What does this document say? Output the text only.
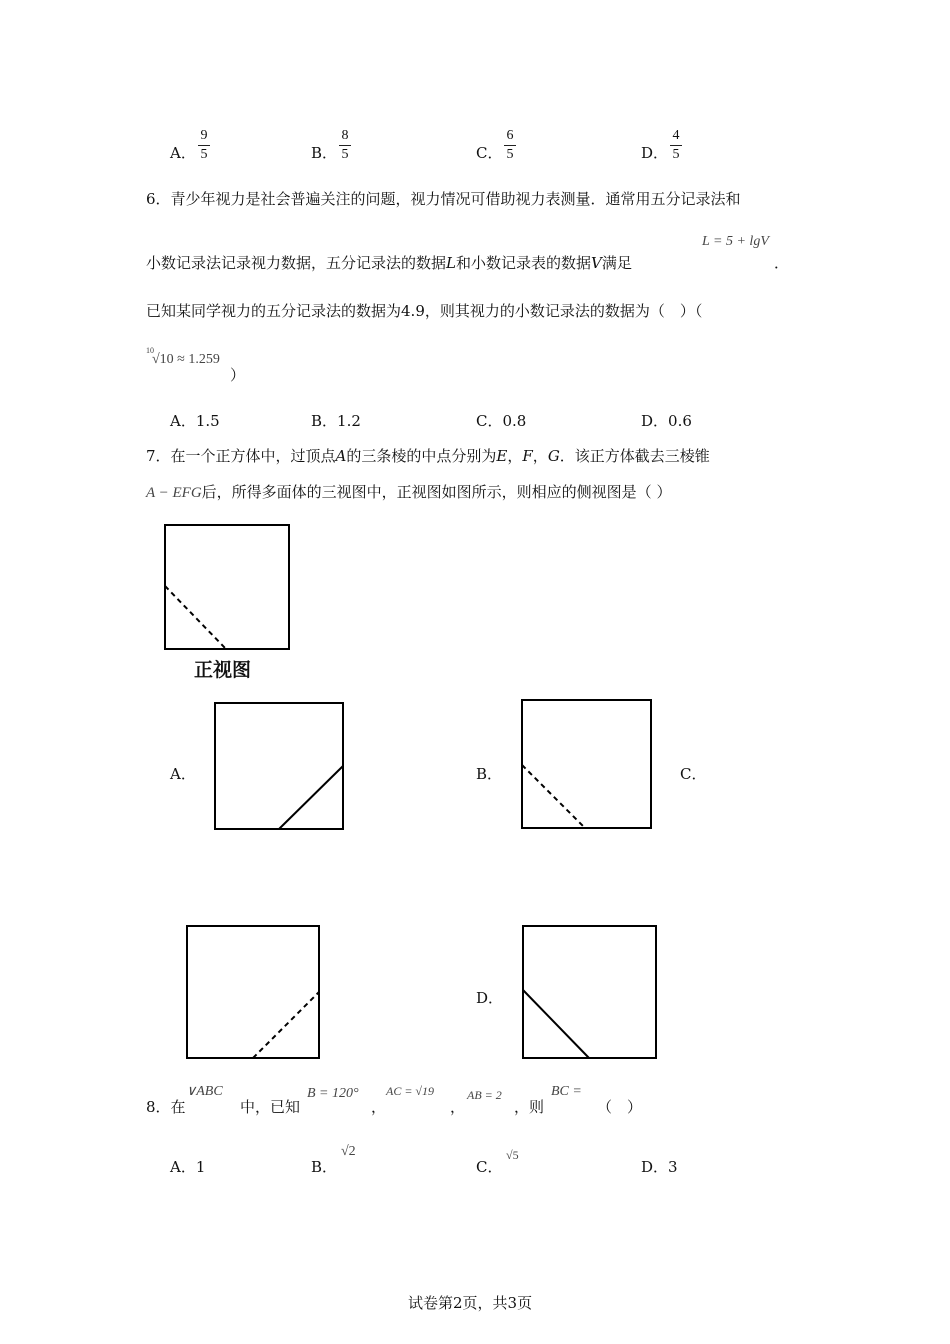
A．
9
5	B．
8
5	C．
6
5	D．
4
5
6．青少年视力是社会普遍关注的问题，视力情况可借助视力表测量．通常用五分记录法和
小数记录法记录视力数据，五分记录法的数据L和小数记录表的数据V满足
L = 5 + lgV
．
已知某同学视力的五分记录法的数据为4.9，则其视力的小数记录法的数据为（　）（
10
√10 ≈ 1.259
）
A．1.5	B．1.2	C．0.8	D．0.6
7．在一个正方体中，过顶点A的三条棱的中点分别为E，F，G．该正方体截去三棱锥
A − EFG后，所得多面体的三视图中，正视图如图所示，则相应的侧视图是（ ）
正视图
A．	B．	C．
D．
8．在
∨ABC
中，已知
B = 120°
，
AC = √19
，
AB = 2
，则
BC =
（　）
A．1	B．
√2
C．
√5
D．3
试卷第2页，共3页
